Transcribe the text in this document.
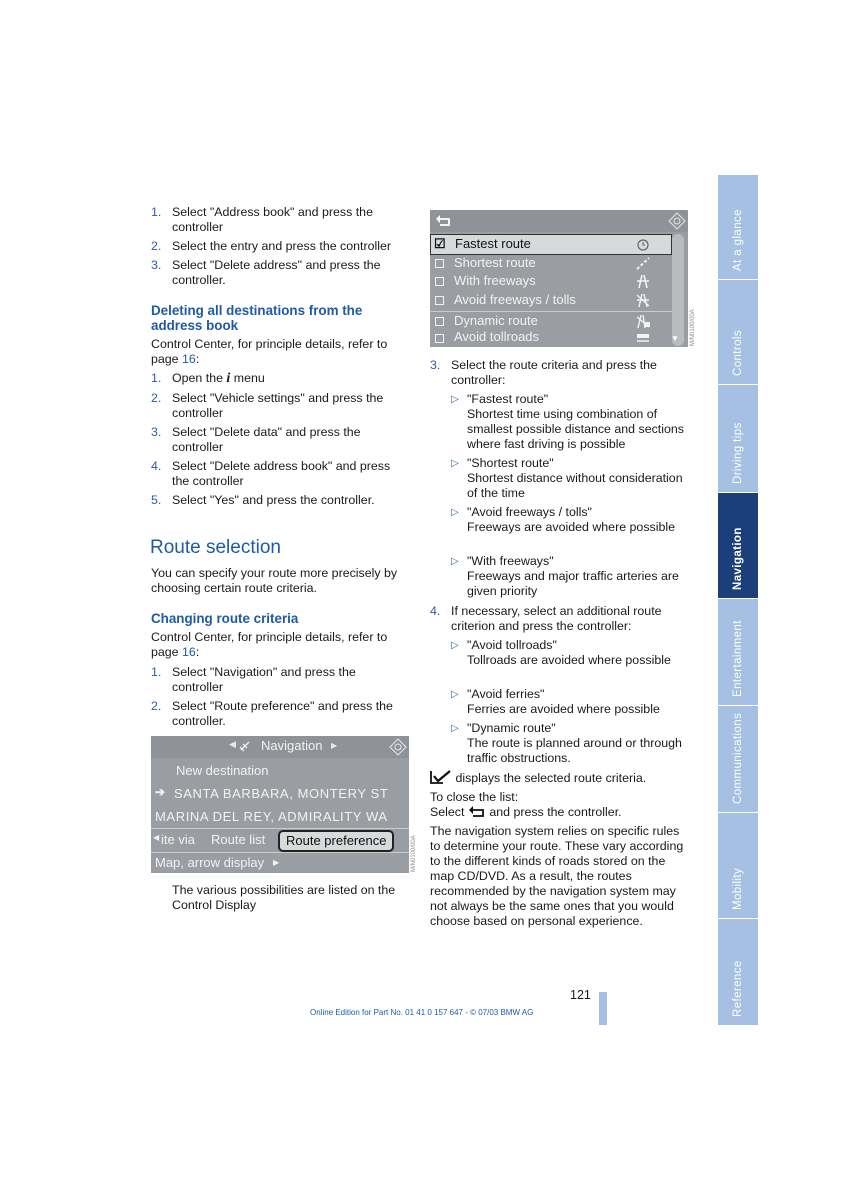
1. Select "Address book" and press the controller
2. Select the entry and press the controller
3. Select "Delete address" and press the controller.
Deleting all destinations from the address book
Control Center, for principle details, refer to page 16:
1. Open the i menu
2. Select "Vehicle settings" and press the controller
3. Select "Delete data" and press the controller
4. Select "Delete address book" and press the controller
5. Select "Yes" and press the controller.
Route selection
You can specify your route more precisely by choosing certain route criteria.
Changing route criteria
Control Center, for principle details, refer to page 16:
1. Select "Navigation" and press the controller
2. Select "Route preference" and press the controller.
◀ Navigation ▶
New destination
➔ SANTA BARBARA, MONTERY ST
MARINA DEL REY, ADMIRALITY WA
◀ ite via Route list	Route preference
Map, arrow display ▶	M/N0100/00A
The various possibilities are listed on the Control Display
▼
☑ Fastest route
Shortest route
With freeways
Avoid freeways / tolls
Dynamic route
Avoid tollroads	M/N0100/00A
3. Select the route criteria and press the controller:
▷ "Fastest route"
Shortest time using combination of smallest possible distance and sections where fast driving is possible
▷ "Shortest route"
Shortest distance without consideration of the time
▷ "Avoid freeways / tolls"
Freeways are avoided where possible
▷ "With freeways"
Freeways and major traffic arteries are given priority
4. If necessary, select an additional route criterion and press the controller:
▷ "Avoid tollroads"
Tollroads are avoided where possible
▷ "Avoid ferries"
Ferries are avoided where possible
▷ "Dynamic route"
The route is planned around or through traffic obstructions.
displays the selected route criteria.
To close the list:
Select  and press the controller.
The navigation system relies on specific rules to determine your route. These vary according to the different kinds of roads stored on the map CD/DVD. As a result, the routes recommended by the navigation system may not always be the same ones that you would choose based on personal experience.
121
Online Edition for Part No. 01 41 0 157 647 - © 07/03 BMW AG
At a glance
Controls
Driving tips
Navigation
Entertainment
Communications
Mobility
Reference
